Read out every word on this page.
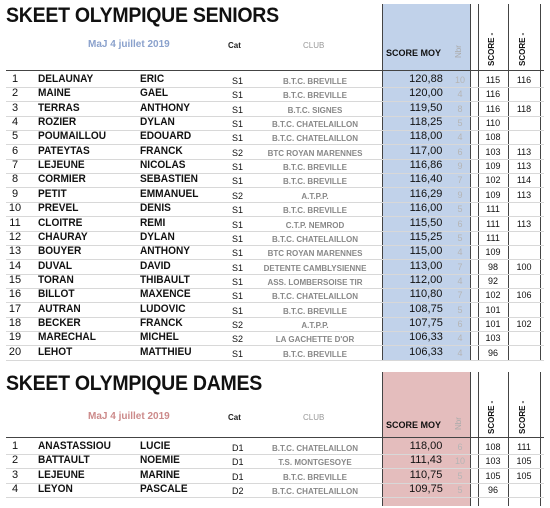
SKEET OLYMPIQUE SENIORS
MaJ 4 juillet 2019	Cat	CLUB
SCORE MOY Nbr	SCORE -	SCORE -
1	DELAUNAY	ERIC	S1	B.T.C. BREVILLE	120,88	10	115	116
2	MAINE	GAEL	S1	B.T.C. BREVILLE	120,00	4	116
3	TERRAS	ANTHONY	S1	B.T.C. SIGNES	119,50	8	116	118
4	ROZIER	DYLAN	S1	B.T.C. CHATELAILLON	118,25	5	110
5	POUMAILLOU	EDOUARD	S1	B.T.C. CHATELAILLON	118,00	4	108
6	PATEYTAS	FRANCK	S2	BTC ROYAN MARENNES	117,00	6	103	113
7	LEJEUNE	NICOLAS	S1	B.T.C. BREVILLE	116,86	9	109	113
8	CORMIER	SEBASTIEN	S1	B.T.C. BREVILLE	116,40	7	102	114
9	PETIT	EMMANUEL	S2	A.T.P.P.	116,29	9	109	113
10	PREVEL	DENIS	S1	B.T.C. BREVILLE	116,00	5	111
11	CLOITRE	REMI	S1	C.T.P. NEMROD	115,50	6	111	113
12	CHAURAY	DYLAN	S1	B.T.C. CHATELAILLON	115,25	5	111
13	BOUYER	ANTHONY	S1	BTC ROYAN MARENNES	115,00	4	109
14	DUVAL	DAVID	S1	DETENTE CAMBLYSIENNE	113,00	7	98	100
15	TORAN	THIBAULT	S1	ASS. LOMBERSOISE TIR	112,00	4	92
16	BILLOT	MAXENCE	S1	B.T.C. CHATELAILLON	110,80	7	102	106
17	AUTRAN	LUDOVIC	S1	B.T.C. BREVILLE	108,75	5	101
18	BECKER	FRANCK	S2	A.T.P.P.	107,75	6	101	102
19	MARECHAL	MICHEL	S2	LA GACHETTE D'OR	106,33	4	103
20	LEHOT	MATTHIEU	S1	B.T.C. BREVILLE	106,33	4	96
SKEET OLYMPIQUE DAMES
MaJ 4 juillet 2019	Cat	CLUB
SCORE MOY Nbr	SCORE -	SCORE -
1	ANASTASSIOU	LUCIE	D1	B.T.C. CHATELAILLON	118,00	6	108	111
2	BATTAULT	NOEMIE	D1	T.S. MONTGESOYE	111,43	10	103	105
3	LEJEUNE	MARINE	D1	B.T.C. BREVILLE	110,75	5	105	105
4	LEYON	PASCALE	D2	B.T.C. CHATELAILLON	109,75	5	96
